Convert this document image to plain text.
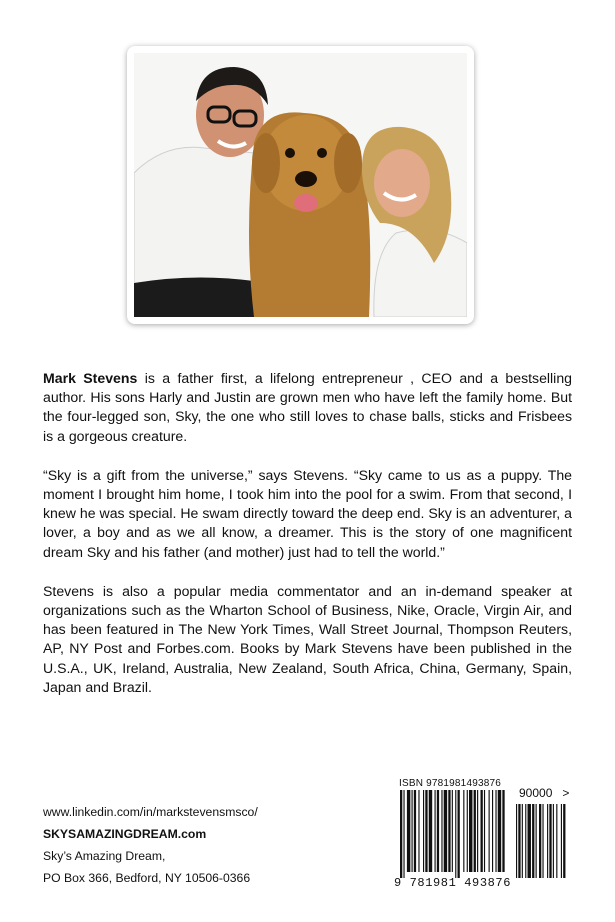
Mark Stevens is a father first, a lifelong entrepreneur , CEO and a bestselling author. His sons Harly and Justin are grown men who have left the family home. But the four-legged son, Sky, the one who still loves to chase balls, sticks and Frisbees is a gorgeous creature.

“Sky is a gift from the universe,” says Stevens. “Sky came to us as a puppy. The moment I brought him home, I took him into the pool for a swim. From that second, I knew he was special. He swam directly toward the deep end. Sky is an adventurer, a lover, a boy and as we all know, a dreamer. This is the story of one magnificent dream Sky and his father (and mother) just had to tell the world.”

Stevens is also a popular media commentator and an in-demand speaker at organizations such as the Wharton School of Business, Nike, Oracle, Virgin Air, and has been featured in The New York Times, Wall Street Journal, Thompson Reuters, AP, NY Post and Forbes.com. Books by Mark Stevens have been published in the U.S.A., UK, Ireland, Australia, New Zealand, South Africa, China, Germany, Spain, Japan and Brazil.

www.linkedin.com/in/markstevensmsco/
SKYSAMAZINGDREAM.com
Sky’s Amazing Dream,
PO Box 366, Bedford, NY 10506-0366
ISBN 9781981493876
90000 >
9 781981 493876
